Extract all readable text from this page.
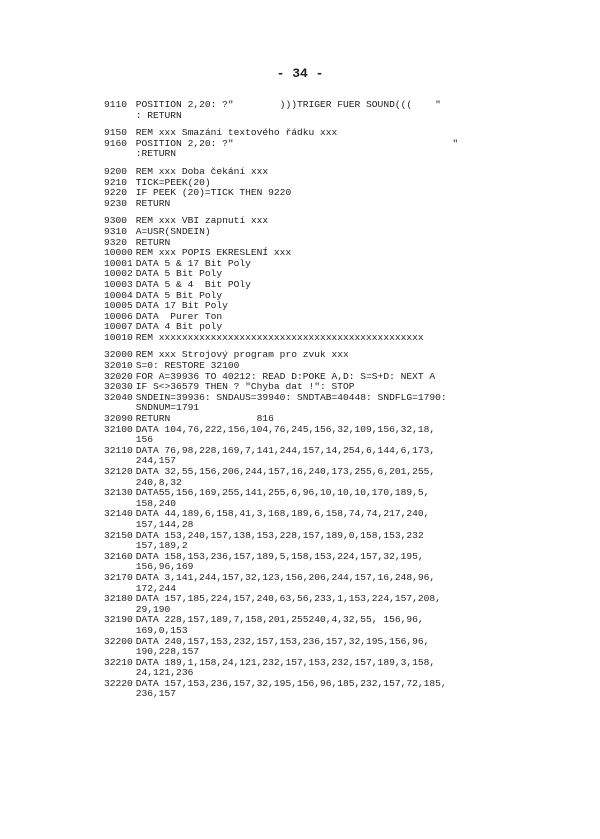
- 34 -
9110 POSITION 2,20: ?"        )))TRIGER FUER SOUND(((    "
: RETURN
9150 REM xxx Smazání textového řádku xxx
9160 POSITION 2,20: ?"                                      "
:RETURN
9200 REM xxx Doba čekání xxx
9210 TICK=PEEK(20)
9220 IF PEEK (20)=TICK THEN 9220
9230 RETURN
9300 REM xxx VBI zapnutí xxx
9310 A=USR(SNDEIN)
9320 RETURN
10000
REM xxx POPIS EKRESLENÍ xxx
10001
DATA 5 & 17 Bit Poly
10002
DATA 5 Bit Poly
10003
DATA 5 & 4  Bit POly
10004
DATA 5 Bit Poly
10005
DATA 17 Bit Poly
10006
DATA  Purer Ton
10007
DATA 4 Bit poly
10010
REM xxxxxxxxxxxxxxxxxxxxxxxxxxxxxxxxxxxxxxxxxxxxxx
32000
REM xxx Strojový program pro zvuk xxx
32010
S=0: RESTORE 32100
32020
FOR A=39936 TO 40212: READ D:POKE A,D: S=S+D: NEXT A
32030
IF S<>36579 THEN ? "Chyba dat !": STOP
32040
SNDEIN=39936: SNDAUS=39940: SNDTAB=40448: SNDFLG=1790:
SNDNUM=1791
32090
RETURN               816
32100
DATA 104,76,222,156,104,76,245,156,32,109,156,32,18,
156
32110
DATA 76,98,228,169,7,141,244,157,14,254,6,144,6,173,
244,157
32120
DATA 32,55,156,206,244,157,16,240,173,255,6,201,255,
240,8,32
32130
DATA55,156,169,255,141,255,6,96,10,10,10,170,189,5,
158,240
32140
DATA 44,189,6,158,41,3,168,189,6,158,74,74,217,240,
157,144,28
32150
DATA 153,240,157,138,153,228,157,189,0,158,153,232
157,189,2
32160
DATA 158,153,236,157,189,5,158,153,224,157,32,195,
156,96,169
32170
DATA 3,141,244,157,32,123,156,206,244,157,16,248,96,
172,244
32180
DATA 157,185,224,157,240,63,56,233,1,153,224,157,208,
29,190
32190
DATA 228,157,189,7,158,201,255240,4,32,55, 156,96,
169,0,153
32200
DATA 240,157,153,232,157,153,236,157,32,195,156,96,
190,228,157
32210
DATA 189,1,158,24,121,232,157,153,232,157,189,3,158,
24,121,236
32220
DATA 157,153,236,157,32,195,156,96,185,232,157,72,185,
236,157
